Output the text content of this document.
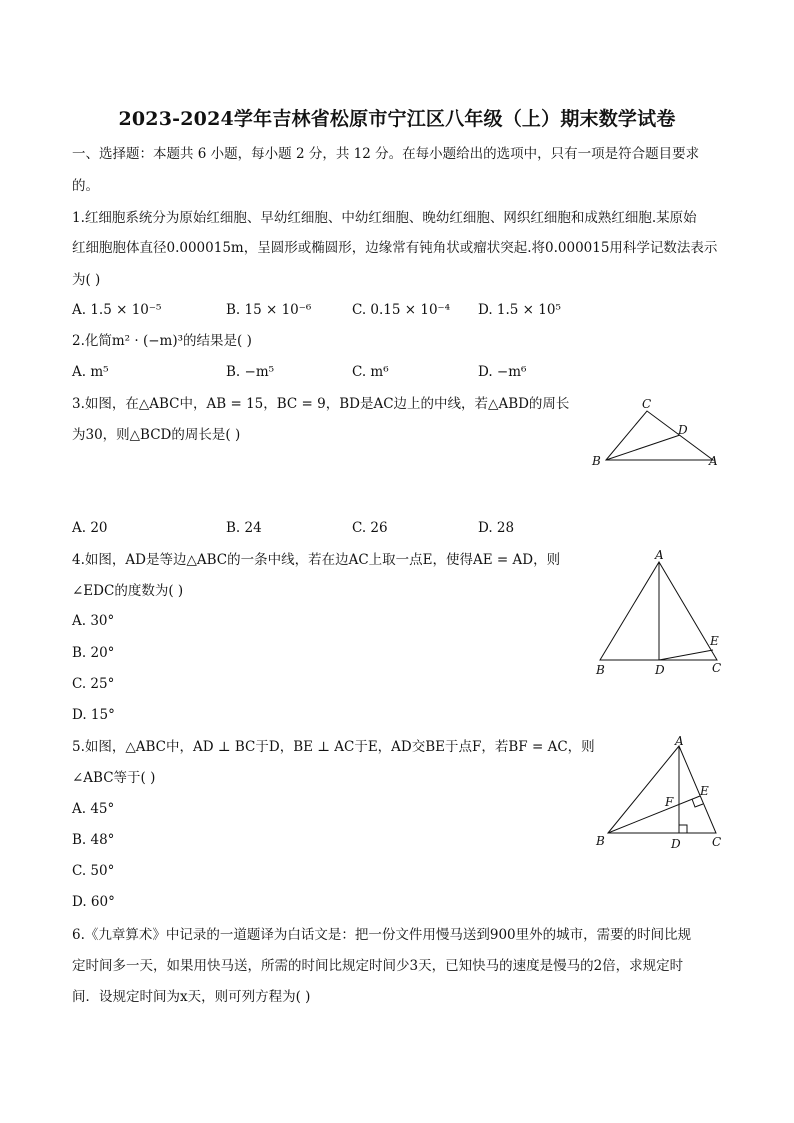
2023-2024学年吉林省松原市宁江区八年级（上）期末数学试卷
一、选择题：本题共 6 小题，每小题 2 分，共 12 分。在每小题给出的选项中，只有一项是符合题目要求
的。
1.红细胞系统分为原始红细胞、早幼红细胞、中幼红细胞、晚幼红细胞、网织红细胞和成熟红细胞.某原始
红细胞胞体直径0.000015m，呈圆形或椭圆形，边缘常有钝角状或瘤状突起.将0.000015用科学记数法表示
为( )
A. 1.5 × 10⁻⁵	B. 15 × 10⁻⁶	C. 0.15 × 10⁻⁴ D. 1.5 × 10⁵
2.化简m² · (−m)³的结果是( )
A. m⁵	B. −m⁵	C. m⁶	D. −m⁶
3.如图，在△ABC中，AB = 15，BC = 9，BD是AC边上的中线，若△ABD的周长
为30，则△BCD的周长是( )
C
D
B	A
A. 20	B. 24	C. 26	D. 28
4.如图，AD是等边△ABC的一条中线，若在边AC上取一点E，使得AE = AD，则
∠EDC的度数为( )
A. 30°
B. 20°
C. 25°
D. 15°
A
E
B	D	C
5.如图，△ABC中，AD ⊥ BC于D，BE ⊥ AC于E，AD交BE于点F，若BF = AC，则
∠ABC等于( )
A. 45°
B. 48°
C. 50°
D. 60°
A
E
F
B	D	C
6.《九章算术》中记录的一道题译为白话文是：把一份文件用慢马送到900里外的城市，需要的时间比规
定时间多一天，如果用快马送，所需的时间比规定时间少3天，已知快马的速度是慢马的2倍，求规定时
间．设规定时间为x天，则可列方程为( )
